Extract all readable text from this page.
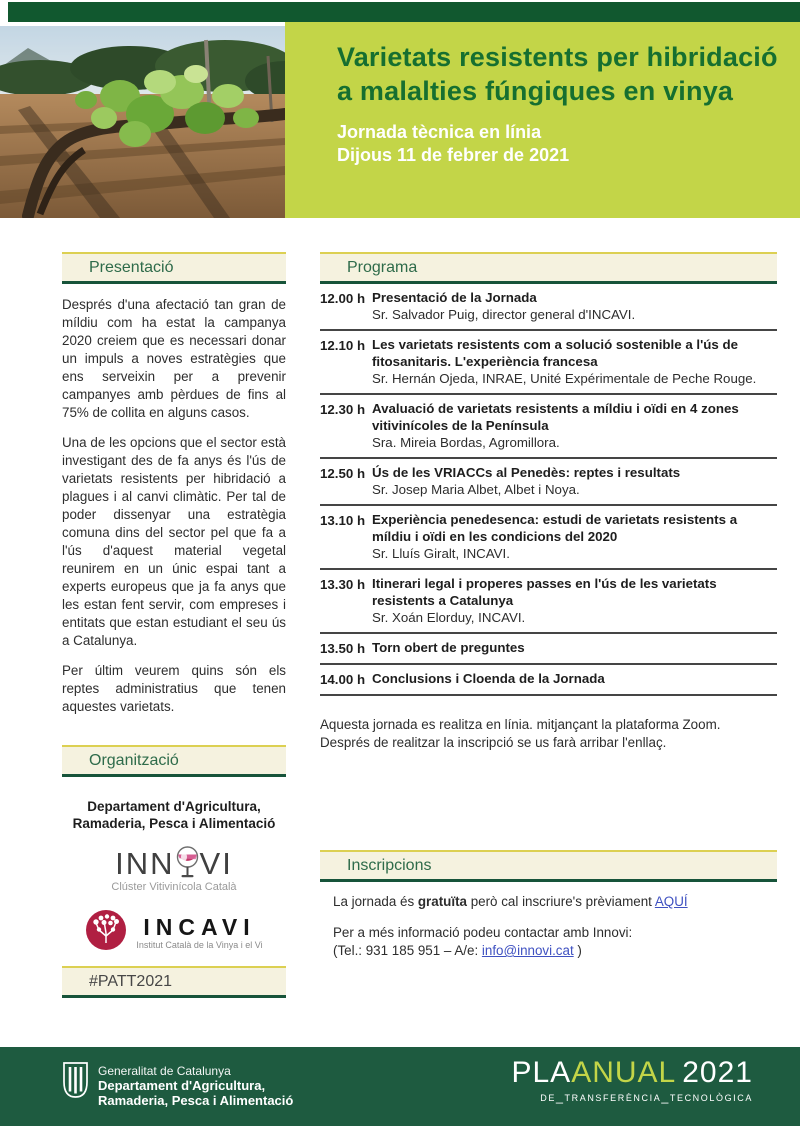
Varietats resistents per hibridació a malalties fúngiques en vinya
Jornada tècnica en línia
Dijous 11 de febrer de 2021
Presentació

Després d'una afectació tan gran de míldiu com ha estat la campanya 2020 creiem que es necessari donar un impuls a noves estratègies que ens serveixin per a prevenir campanyes amb pèrdues de fins al 75% de collita en alguns casos.

Una de les opcions que el sector està investigant des de fa anys és l'ús de varietats resistents per hibridació a plagues i al canvi climàtic. Per tal de poder dissenyar una estratègia comuna dins del sector pel que fa a l'ús d'aquest material vegetal reunirem en un únic espai tant a experts europeus que ja fa anys que les estan fent servir, com empreses i entitats que estan estudiant el seu ús a Catalunya.

Per últim veurem quins són els reptes administratius que tenen aquestes varietats.

Programa
12.00 h Presentació de la Jornada
Sr. Salvador Puig, director general d'INCAVI.
12.10 h Les varietats resistents com a solució sostenible a l'ús de fitosanitaris. L'experiència francesa
Sr. Hernán Ojeda, INRAE, Unité Expérimentale de Peche Rouge.
12.30 h Avaluació de varietats resistents a míldiu i oïdi en 4 zones vitivinícoles de la Península
Sra. Mireia Bordas, Agromillora.
12.50 h Ús de les VRIACCs al Penedès: reptes i resultats
Sr. Josep Maria Albet, Albet i Noya.
13.10 h Experiència penedesenca: estudi de varietats resistents a míldiu i oïdi en les condicions del 2020
Sr. Lluís Giralt, INCAVI.
13.30 h Itinerari legal i properes passes en l'ús de les varietats resistents a Catalunya
Sr. Xoán Elorduy, INCAVI.
13.50 h Torn obert de preguntes
14.00 h Conclusions i Cloenda de la Jornada
Aquesta jornada es realitza en línia. mitjançant la plataforma Zoom. Després de realitzar la inscripció se us farà arribar l'enllaç.
Organització
Departament d'Agricultura,
Ramaderia, Pesca i Alimentació
INN VI
Clúster Vitivinícola Català
INCAVI
Institut Català de la Vinya i el Vi
#PATT2021
Inscripcions
La jornada és gratuïta però cal inscriure's prèviament AQUÍ
Per a més informació podeu contactar amb Innovi:
(Tel.: 931 185 951 – A/e: info@innovi.cat )
Generalitat de Catalunya
Departament d'Agricultura,
Ramaderia, Pesca i Alimentació
PLAANUAL 2021
de_transferència_tecnològica
